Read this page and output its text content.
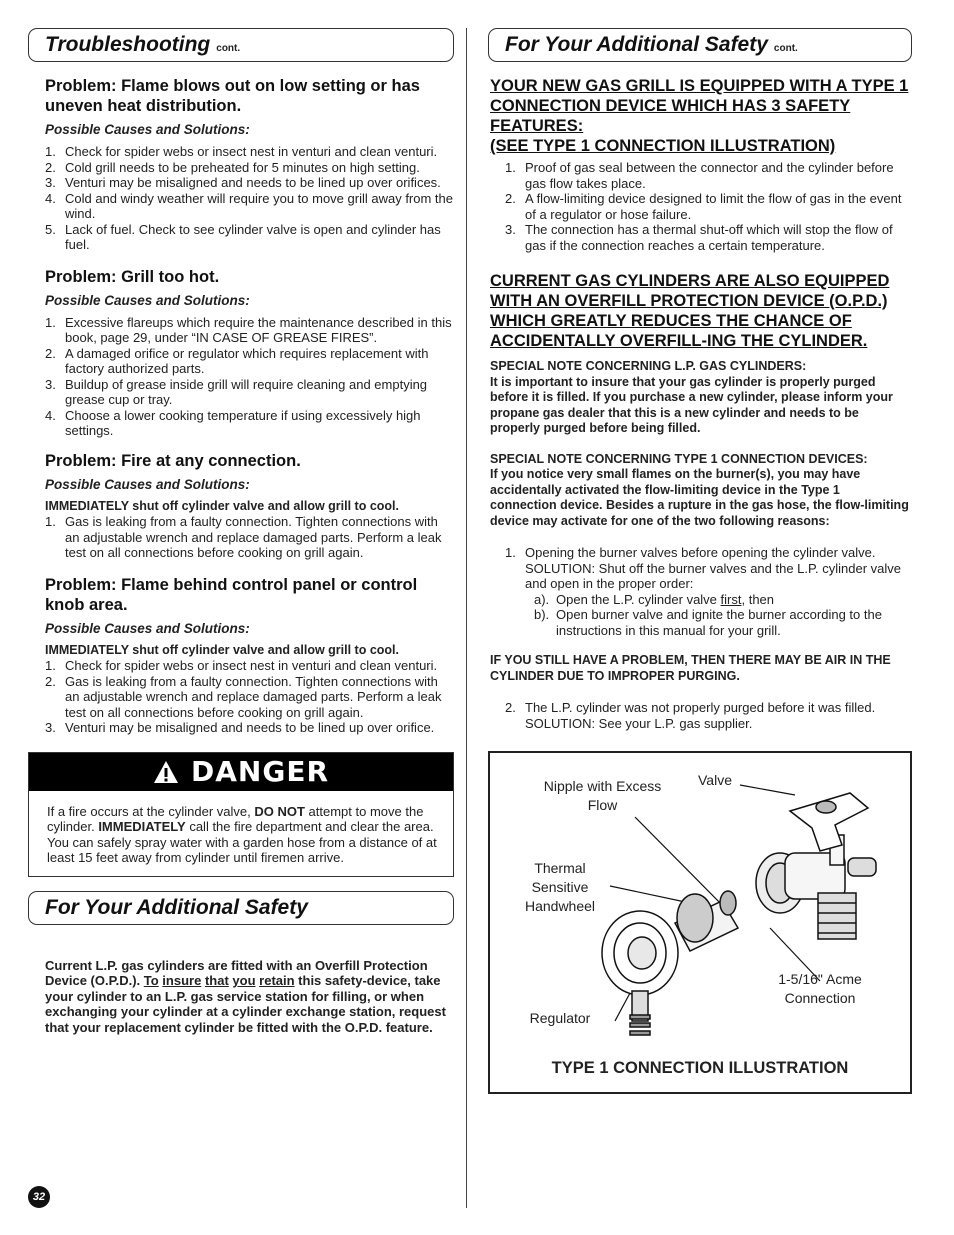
Troubleshooting cont.
Problem: Flame blows out on low setting or has uneven heat distribution.
Possible Causes and Solutions:
1. Check for spider webs or insect nest in venturi and clean venturi.
2. Cold grill needs to be preheated for 5 minutes on high setting.
3. Venturi may be misaligned and needs to be lined up over orifices.
4. Cold and windy weather will require you to move grill away from the wind.
5. Lack of fuel. Check to see cylinder valve is open and cylinder has fuel.
Problem: Grill too hot.
Possible Causes and Solutions:
1. Excessive flareups which require the maintenance described in this book, page 29, under “IN CASE OF GREASE FIRES”.
2. A damaged orifice or regulator which requires replacement with factory authorized parts.
3. Buildup of grease inside grill will require cleaning and emptying grease cup or tray.
4. Choose a lower cooking temperature if using excessively high settings.
Problem: Fire at any connection.
Possible Causes and Solutions:
IMMEDIATELY shut off cylinder valve and allow grill to cool.
1. Gas is leaking from a faulty connection. Tighten connections with an adjustable wrench and replace damaged parts. Perform a leak test on all connections before cooking on grill again.
Problem: Flame behind control panel or control knob area.
Possible Causes and Solutions:
IMMEDIATELY shut off cylinder valve and allow grill to cool.
1. Check for spider webs or insect nest in venturi and clean venturi.
2. Gas is leaking from a faulty connection. Tighten connections with an adjustable wrench and replace damaged parts. Perform a leak test on all connections before cooking on grill again.
3. Venturi may be misaligned and needs to be lined up over orifice.
DANGER
If a fire occurs at the cylinder valve, DO NOT attempt to move the cylinder. IMMEDIATELY call the fire department and clear the area. You can safely spray water with a garden hose from a distance of at least 15 feet away from cylinder until firemen arrive.
For Your Additional Safety
Current L.P. gas cylinders are fitted with an Overfill Protection Device (O.P.D.). To insure that you retain this safety-device, take your cylinder to an L.P. gas service station for filling, or when exchanging your cylinder at a cylinder exchange station, request that your replacement cylinder be fitted with the O.P.D. feature.
32
For Your Additional Safety cont.
YOUR NEW GAS GRILL IS EQUIPPED WITH A TYPE 1 CONNECTION DEVICE WHICH HAS 3 SAFETY FEATURES:
(SEE TYPE 1 CONNECTION ILLUSTRATION)
1. Proof of gas seal between the connector and the cylinder before gas flow takes place.
2. A flow-limiting device designed to limit the flow of gas in the event of a regulator or hose failure.
3. The connection has a thermal shut-off which will stop the flow of gas if the connection reaches a certain temperature.
CURRENT GAS CYLINDERS ARE ALSO EQUIPPED WITH AN OVERFILL PROTECTION DEVICE (O.P.D.) WHICH GREATLY REDUCES THE CHANCE OF ACCIDENTALLY OVERFILL-ING THE CYLINDER.
SPECIAL NOTE CONCERNING L.P. GAS CYLINDERS:
It is important to insure that your gas cylinder is properly purged before it is filled. If you purchase a new cylinder, please inform your propane gas dealer that this is a new cylinder and needs to be properly purged before being filled.
SPECIAL NOTE CONCERNING TYPE 1 CONNECTION DEVICES:
If you notice very small flames on the burner(s), you may have accidentally activated the flow-limiting device in the Type 1
connection device. Besides a rupture in the gas hose, the flow-limiting device may activate for one of the two following reasons:
1. Opening the burner valves before opening the cylinder valve. SOLUTION: Shut off the burner valves and the L.P. cylinder valve and open in the proper order:
a). Open the L.P. cylinder valve first, then
b). Open burner valve and ignite the burner according to the instructions in this manual for your grill.
IF YOU STILL HAVE A PROBLEM, THEN THERE MAY BE AIR IN THE CYLINDER DUE TO IMPROPER PURGING.
2. The L.P. cylinder was not properly purged before it was filled. SOLUTION: See your L.P. gas supplier.
Nipple with Excess Flow
Valve
Thermal Sensitive Handwheel
1-5/16" Acme Connection
Regulator
TYPE 1 CONNECTION ILLUSTRATION
